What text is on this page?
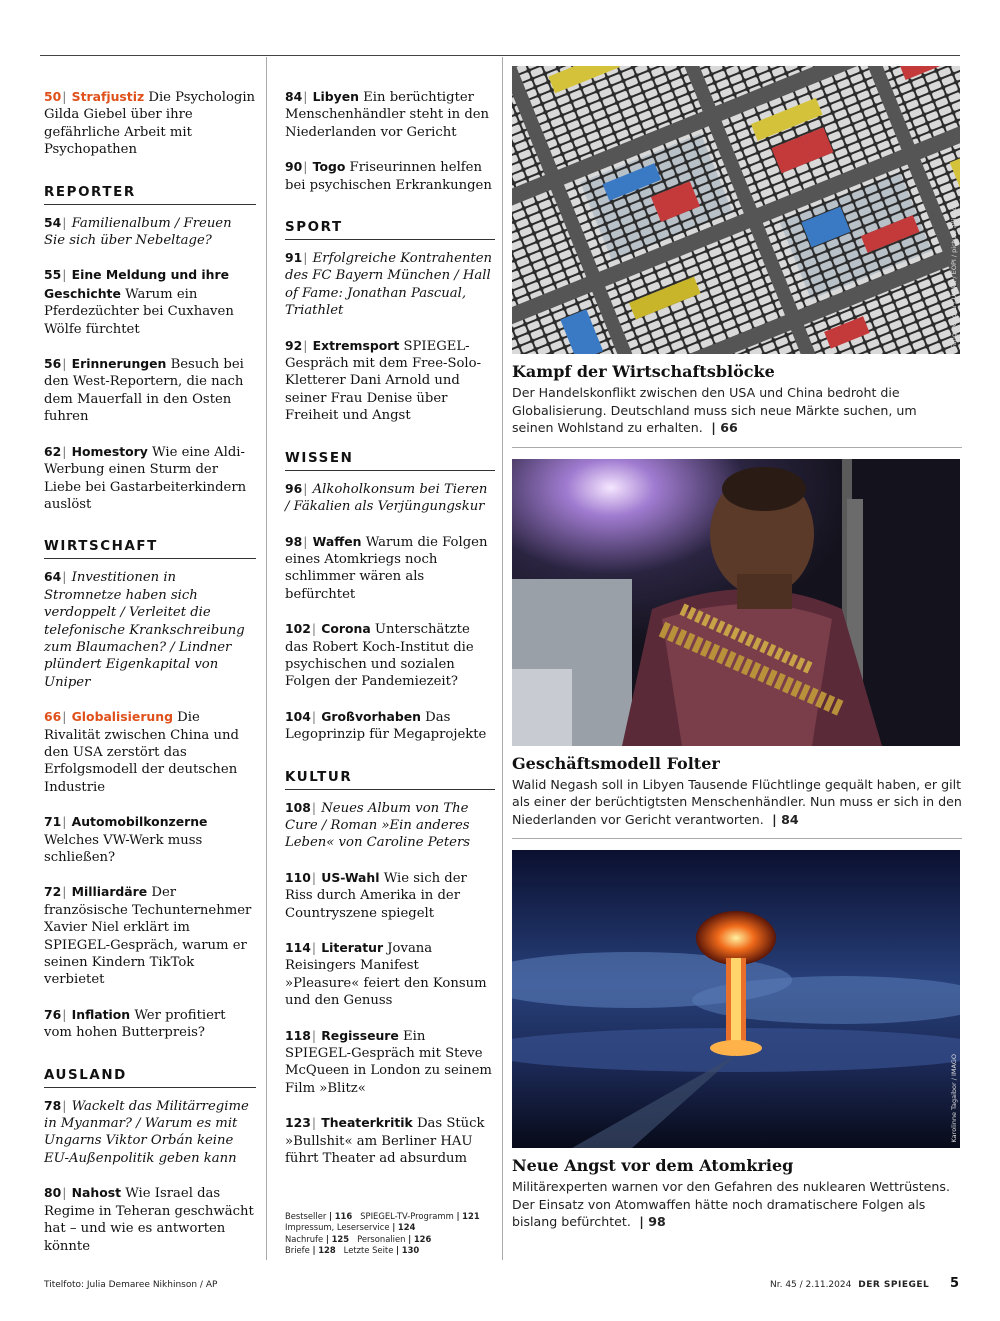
50| Strafjustiz Die Psychologin Gilda Giebel über ihre gefährliche Arbeit mit Psychopathen
REPORTER
54| Familienalbum / Freuen Sie sich über Nebeltage?
55| Eine Meldung und ihre Geschichte Warum ein Pferdezüchter bei Cuxhaven Wölfe fürchtet
56| Erinnerungen Besuch bei den West-Reportern, die nach dem Mauerfall in den Osten fuhren
62| Homestory Wie eine Aldi-Werbung einen Sturm der Liebe bei Gastarbeiterkindern auslöst
WIRTSCHAFT
64| Investitionen in Stromnetze haben sich verdoppelt / Verleitet die telefonische Krankschreibung zum Blaumachen? / Lindner plündert Eigenkapital von Uniper
66| Globalisierung Die Rivalität zwischen China und den USA zerstört das Erfolgsmodell der deutschen Industrie
71| Automobilkonzerne Welches VW-Werk muss schließen?
72| Milliardäre Der französische Techunternehmer Xavier Niel erklärt im SPIEGEL-Gespräch, warum er seinen Kindern TikTok verbietet
76| Inflation Wer profitiert vom hohen Butterpreis?
AUSLAND
78| Wackelt das Militärregime in Myanmar? / Warum es mit Ungarns Viktor Orbán keine EU-Außenpolitik geben kann
80| Nahost Wie Israel das Regime in Teheran geschwächt hat – und wie es antworten könnte
84| Libyen Ein berüchtigter Menschenhändler steht in den Niederlanden vor Gericht
90| Togo Friseurinnen helfen bei psychischen Erkrankungen
SPORT
91| Erfolgreiche Kontrahenten des FC Bayern München / Hall of Fame: Jonathan Pascual, Triathlet
92| Extremsport SPIEGEL-Gespräch mit dem Free-Solo-Kletterer Dani Arnold und seiner Frau Denise über Freiheit und Angst
WISSEN
96| Alkoholkonsum bei Tieren / Fäkalien als Verjüngungskur
98| Waffen Warum die Folgen eines Atomkriegs noch schlimmer wären als befürchtet
102| Corona Unterschätzte das Robert Koch-Institut die psychischen und sozialen Folgen der Pandemiezeit?
104| Großvorhaben Das Legoprinzip für Megaprojekte
KULTUR
108| Neues Album von The Cure / Roman »Ein anderes Leben« von Caroline Peters
110| US-Wahl Wie sich der Riss durch Amerika in der Countryszene spiegelt
114| Literatur Jovana Reisingers Manifest »Pleasure« feiert den Konsum und den Genuss
118| Regisseure Ein SPIEGEL-Gespräch mit Steve McQueen in London zu seinem Film »Blitz«
123| Theaterkritik Das Stück »Bullshit« am Berliner HAU führt Theater ad absurdum
Bestseller | 116 SPIEGEL-TV-Programm | 121
Impressum, Leserservice | 124
Nachrufe | 125 Personalien | 126
Briefe | 128 Letzte Seite | 130
Fang Dongxu / Utoka / EOPI / picture alliance
Kampf der Wirtschaftsblöcke
Der Handelskonflikt zwischen den USA und China bedroht die Globalisierung. Deutschland muss sich neue Märkte suchen, um seinen Wohlstand zu erhalten.  | 66
Geschäftsmodell Folter
Walid Negash soll in Libyen Tausende Flüchtlinge gequält haben, er gilt als einer der berüchtigtsten Menschenhändler. Nun muss er sich in den Niederlanden vor Gericht verantworten.  | 84
Karolinne Tagaibor / IMAGO
Neue Angst vor dem Atomkrieg
Militärexperten warnen vor den Gefahren des nuklearen Wettrüstens. Der Einsatz von Atomwaffen hätte noch dramatischere Folgen als bislang befürchtet.  | 98
Titelfoto: Julia Demaree Nikhinson / AP	Nr. 45 / 2.11.2024 DER SPIEGEL 5
